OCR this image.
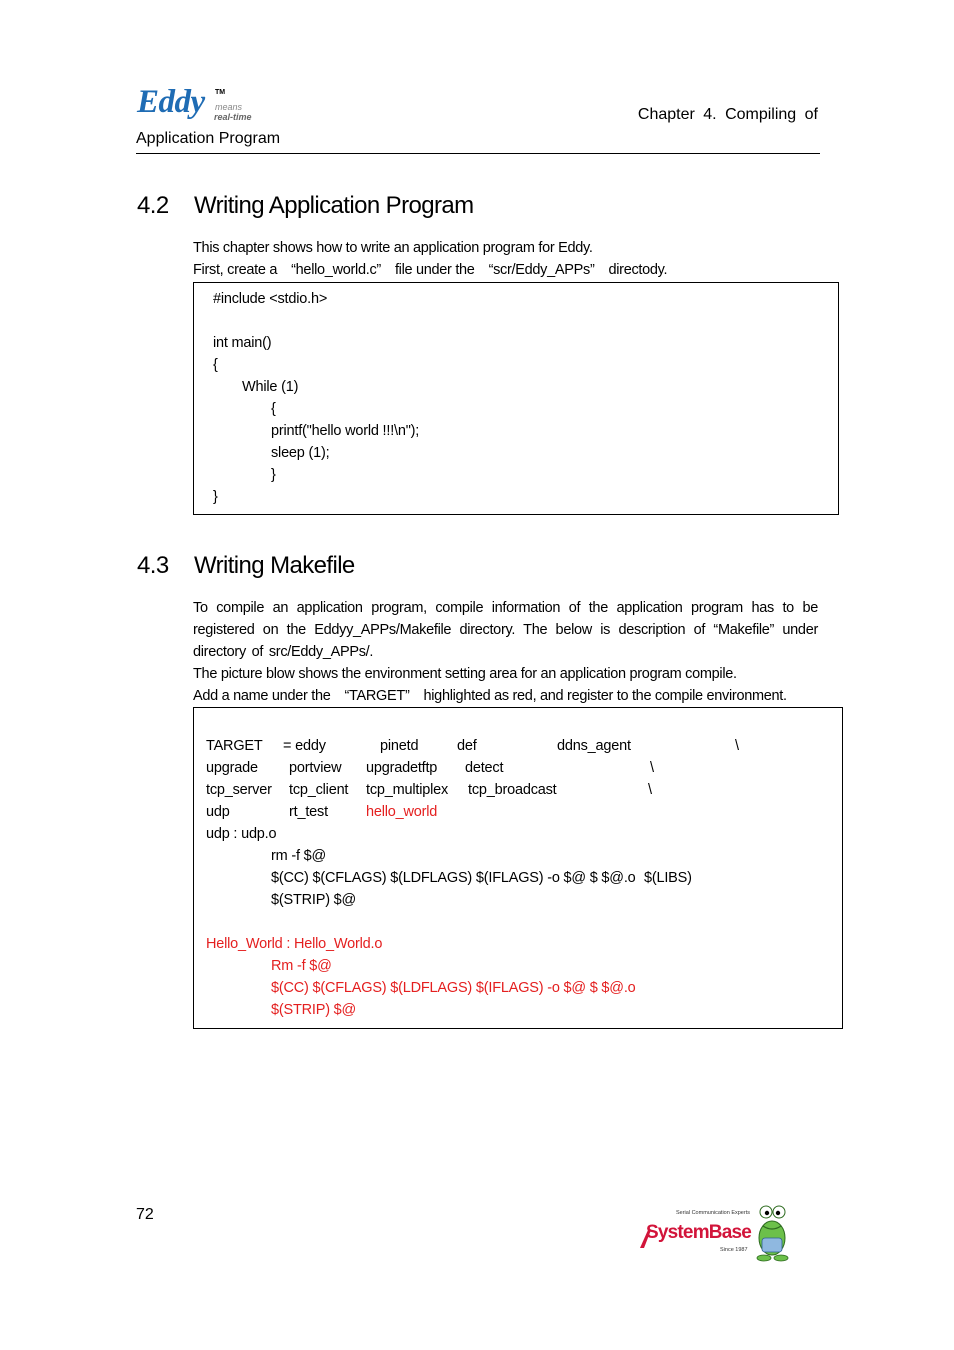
Eddy TM
means
real-time	Chapter 4. Compiling of
Application Program
4.2 Writing Application Program

This chapter shows how to write an application program for Eddy.

First, create a “hello_world.c” file under the “scr/Eddy_APPs” directody.

#include <stdio.h>
int main()
{
While (1)
{
printf("hello world !!!\n");
sleep (1);
}
}
4.3 Writing Makefile

To compile an application program, compile information of the application program has to be registered on the Eddyy_APPs/Makefile directory. The below is description of “Makefile” under directory of src/Eddy_APPs/.

The picture blow shows the environment setting area for an application program compile.

Add a name under the “TARGET” highlighted as red, and register to the compile environment.

TARGET = eddy	pinetd	def	ddns_agent	\
upgrade portview upgradetftp detect	\
tcp_server tcp_client tcp_multiplex tcp_broadcast	\
udp	rt_test	hello_world
udp : udp.o
rm -f $@
$(CC) $(CFLAGS) $(LDFLAGS) $(IFLAGS) -o $@ $ $@.o $(LIBS)
$(STRIP) $@
Hello_World : Hello_World.o
Rm -f $@
$(CC) $(CFLAGS) $(LDFLAGS) $(IFLAGS) -o $@ $ $@.o
$(STRIP) $@
72	Serial Communication Experts
SystemBase
Since 1987
